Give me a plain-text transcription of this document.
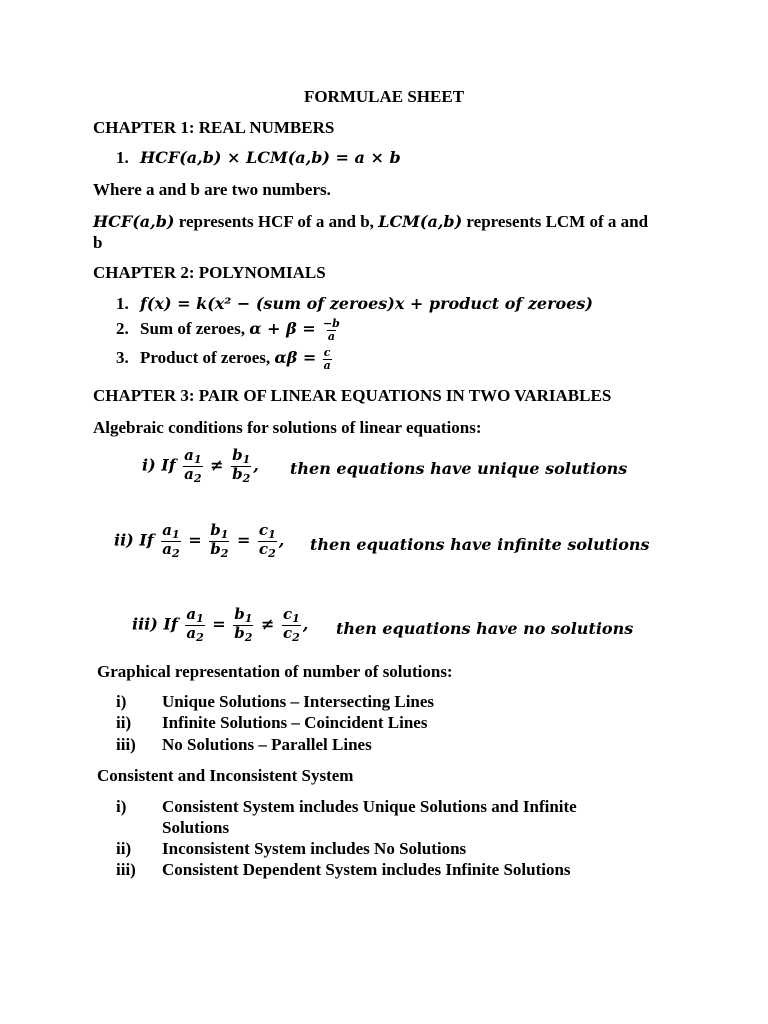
FORMULAE SHEET
CHAPTER 1: REAL NUMBERS
1. HCF(a,b) × LCM(a,b) = a × b
Where a and b are two numbers.
HCF(a,b) represents HCF of a and b, LCM(a,b) represents LCM of a and
b
CHAPTER 2: POLYNOMIALS
1. f(x) = k(x² − (sum of zeroes)x + product of zeroes)
2. Sum of zeroes, $\alpha + \beta = \frac{-b}{a}$
3. Product of zeroes, $\alpha\beta = \frac{c}{a}$
CHAPTER 3: PAIR OF LINEAR EQUATIONS IN TWO VARIABLES
Algebraic conditions for solutions of linear equations:
i) If $\frac{a_1}{a_2} \ne \frac{b_1}{b_2}$ , then equations have unique solutions
ii) If $\frac{a_1}{a_2} = \frac{b_1}{b_2} = \frac{c_1}{c_2}$ , then equations have infinite solutions
iii) If $\frac{a_1}{a_2} = \frac{b_1}{b_2} \ne \frac{c_1}{c_2}$ , then equations have no solutions
Graphical representation of number of solutions:
i) Unique Solutions – Intersecting Lines
ii) Infinite Solutions – Coincident Lines
iii) No Solutions – Parallel Lines
Consistent and Inconsistent System
i) Consistent System includes Unique Solutions and Infinite
Solutions
ii) Inconsistent System includes No Solutions
iii) Consistent Dependent System includes Infinite Solutions
